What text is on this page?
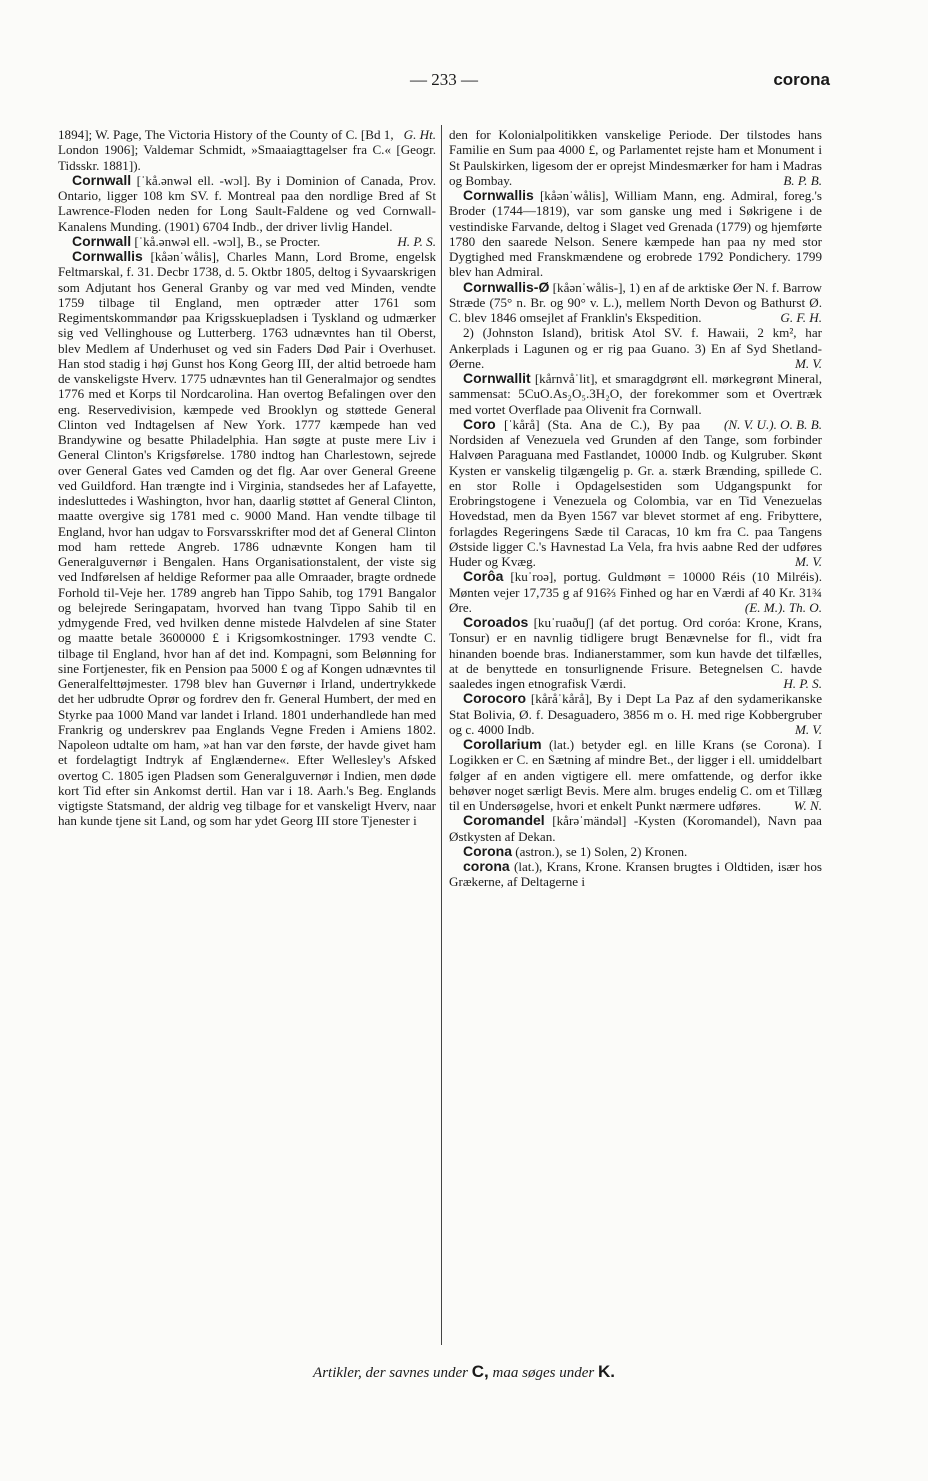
— 233 —	corona

G. Ht.
1894]; W. Page, The Victoria History of the County of C. [Bd 1, London 1906]; Valdemar Schmidt, »Smaaiagttagelser fra C.« [Geogr. Tidsskr. 1881]).

Cornwall [ˈkå.ənwəl ell. -wɔl]. By i Dominion of Canada, Prov. Ontario, ligger 108 km SV. f. Montreal paa den nordlige Bred af St Lawrence-Floden neden for Long Sault-Faldene og ved Cornwall-Kanalens Munding. (1901) 6704 Indb., der driver livlig Handel.
H. P. S.

Cornwall [ˈkå.ənwəl ell. -wɔl], B., se Procter.

Cornwallis [kåənˈwålis], Charles Mann, Lord Brome, engelsk Feltmarskal, f. 31. Decbr 1738, d. 5. Oktbr 1805, deltog i Syvaarskrigen som Adjutant hos General Granby og var med ved Minden, vendte 1759 tilbage til England, men optræder atter 1761 som Regimentskommandør paa Krigsskuepladsen i Tyskland og udmærker sig ved Vellinghouse og Lutterberg. 1763 udnævntes han til Oberst, blev Medlem af Underhuset og ved sin Faders Død Pair i Overhuset. Han stod stadig i høj Gunst hos Kong Georg III, der altid betroede ham de vanskeligste Hverv. 1775 udnævntes han til Generalmajor og sendtes 1776 med et Korps til Nordcarolina. Han overtog Befalingen over den eng. Reservedivision, kæmpede ved Brooklyn og støttede General Clinton ved Indtagelsen af New York. 1777 kæmpede han ved Brandywine og besatte Philadelphia. Han søgte at puste mere Liv i General Clinton's Krigsførelse. 1780 indtog han Charlestown, sejrede over General Gates ved Camden og det flg. Aar over General Greene ved Guildford. Han trængte ind i Virginia, standsedes her af Lafayette, indesluttedes i Washington, hvor han, daarlig støttet af General Clinton, maatte overgive sig 1781 med c. 9000 Mand. Han vendte tilbage til England, hvor han udgav to Forsvarsskrifter mod det af General Clinton mod ham rettede Angreb. 1786 udnævnte Kongen ham til Generalguvernør i Bengalen. Hans Organisationstalent, der viste sig ved Indførelsen af heldige Reformer paa alle Omraader, bragte ordnede Forhold til-Veje her. 1789 angreb han Tippo Sahib, tog 1791 Bangalor og belejrede Seringapatam, hvorved han tvang Tippo Sahib til en ydmygende Fred, ved hvilken denne mistede Halvdelen af sine Stater og maatte betale 3600000 £ i Krigsomkostninger. 1793 vendte C. tilbage til England, hvor han af det ind. Kompagni, som Belønning for sine Fortjenester, fik en Pension paa 5000 £ og af Kongen udnævntes til Generalfelttøjmester. 1798 blev han Guvernør i Irland, undertrykkede det her udbrudte Oprør og fordrev den fr. General Humbert, der med en Styrke paa 1000 Mand var landet i Irland. 1801 underhandlede han med Frankrig og underskrev paa Englands Vegne Freden i Amiens 1802. Napoleon udtalte om ham, »at han var den første, der havde givet ham et fordelagtigt Indtryk af Englænderne«. Efter Wellesley's Afsked overtog C. 1805 igen Pladsen som Generalguvernør i Indien, men døde kort Tid efter sin Ankomst dertil. Han var i 18. Aarh.'s Beg. Englands vigtigste Statsmand, der aldrig veg tilbage for et vanskeligt Hverv, naar han kunde tjene sit Land, og som har ydet Georg III store Tjenester i

den for Kolonialpolitikken vanskelige Periode. Der tilstodes hans Familie en Sum paa 4000 £, og Parlamentet rejste ham et Monument i St Paulskirken, ligesom der er oprejst Mindesmærker for ham i Madras og Bombay.	B. P. B.

Cornwallis [kåənˈwålis], William Mann, eng. Admiral, foreg.'s Broder (1744—1819), var som ganske ung med i Søkrigene i de vestindiske Farvande, deltog i Slaget ved Grenada (1779) og hjemførte 1780 den saarede Nelson. Senere kæmpede han paa ny med stor Dygtighed med Franskmændene og erobrede 1792 Pondichery. 1799 blev han Admiral.

Cornwallis-Ø [kåənˈwålis-], 1) en af de arktiske Øer N. f. Barrow Stræde (75° n. Br. og 90° v. L.), mellem North Devon og Bathurst Ø. C. blev 1846 omsejlet af Franklin's Ekspedition.	G. F. H.

2) (Johnston Island), britisk Atol SV. f. Hawaii, 2 km², har Ankerplads i Lagunen og er rig paa Guano. 3) En af Syd Shetland-Øerne.	M. V.

Cornwallit [kårnvåˈlit], et smaragdgrønt ell. mørkegrønt Mineral, sammensat: 5CuO.As₂O₅.3H₂O, der forekommer som et Overtræk med vortet Overflade paa Olivenit fra Cornwall.
(N. V. U.). O. B. B.

Coro [ˈkårå] (Sta. Ana de C.), By paa Nordsiden af Venezuela ved Grunden af den Tange, som forbinder Halvøen Paraguana med Fastlandet, 10000 Indb. og Kulgruber. Skønt Kysten er vanskelig tilgængelig p. Gr. a. stærk Brænding, spillede C. en stor Rolle i Opdagelsestiden som Udgangspunkt for Erobringstogene i Venezuela og Colombia, var en Tid Venezuelas Hovedstad, men da Byen 1567 var blevet stormet af eng. Fribyttere, forlagdes Regeringens Sæde til Caracas, 10 km fra C. paa Tangens Østside ligger C.'s Havnestad La Vela, fra hvis aabne Red der udføres Huder og Kvæg.	M. V.

Corôa [kuˈroə], portug. Guldmønt = 10000 Réis (10 Milréis). Mønten vejer 17,735 g af 916⅔ Finhed og har en Værdi af 40 Kr. 31¾ Øre.	(E. M.). Th. O.

Coroados [kuˈruaðuʃ] (af det portug. Ord coróa: Krone, Krans, Tonsur) er en navnlig tidligere brugt Benævnelse for fl., vidt fra hinanden boende bras. Indianerstammer, som kun havde det tilfælles, at de benyttede en tonsurlignende Frisure. Betegnelsen C. havde saaledes ingen etnografisk Værdi.	H. P. S.

Corocoro [kåråˈkårå], By i Dept La Paz af den sydamerikanske Stat Bolivia, Ø. f. Desaguadero, 3856 m o. H. med rige Kobbergruber og c. 4000 Indb.	M. V.

Corollarium (lat.) betyder egl. en lille Krans (se Corona). I Logikken er C. en Sætning af mindre Bet., der ligger i ell. umiddelbart følger af en anden vigtigere ell. mere omfattende, og derfor ikke behøver noget særligt Bevis. Mere alm. bruges endelig C. om et Tillæg til en Undersøgelse, hvori et enkelt Punkt nærmere udføres.	W. N.

Coromandel [kårəˈmändəl] -Kysten (Koromandel), Navn paa Østkysten af Dekan.

Corona (astron.), se 1) Solen, 2) Kronen.

corona (lat.), Krans, Krone. Kransen brugtes i Oldtiden, især hos Grækerne, af Deltagerne i

Artikler, der savnes under C, maa søges under K.
